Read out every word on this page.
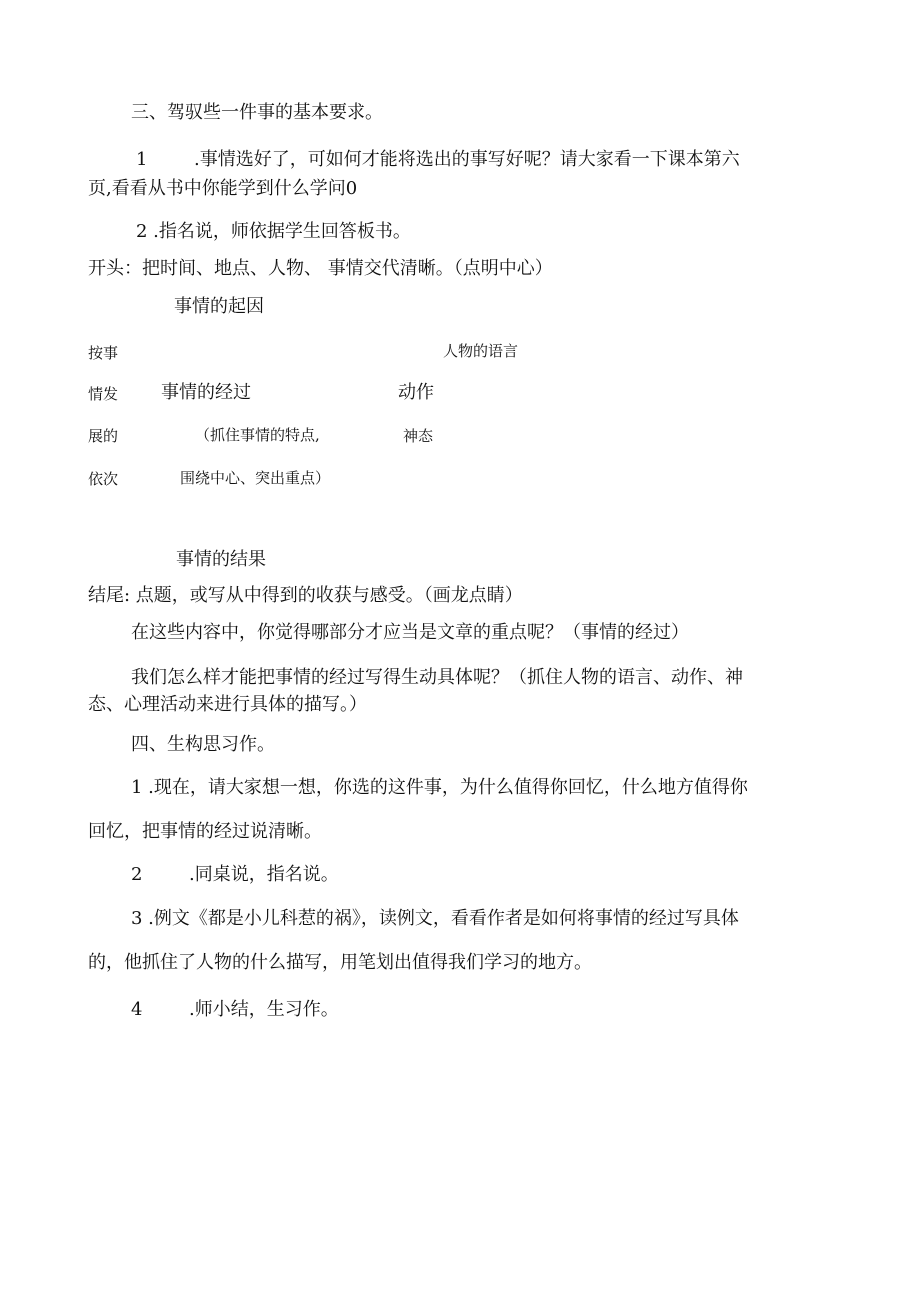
三、驾驭些一件事的基本要求。
1	.事情选好了，可如何才能将选出的事写好呢？请大家看一下课本第六
页,看看从书中你能学到什么学问0
2 .指名说，师依据学生回答板书。
开头：把时间、地点、人物、 事情交代清晰。（点明中心）
事情的起因
按事	人物的语言
情发 事情的经过	动作
展的	（抓住事情的特点,	神态
依次	围绕中心、突出重点）
事情的结果
结尾: 点题，或写从中得到的收获与感受。（画龙点睛）
在这些内容中，你觉得哪部分才应当是文章的重点呢？（事情的经过）
我们怎么样才能把事情的经过写得生动具体呢？（抓住人物的语言、动作、神
态、心理活动来进行具体的描写。）
四、生构思习作。
1 .现在，请大家想一想，你选的这件事，为什么值得你回忆，什么地方值得你
回忆，把事情的经过说清晰。
2	.同桌说，指名说。
3 .例文《都是小儿科惹的祸》，读例文，看看作者是如何将事情的经过写具体
的，他抓住了人物的什么描写，用笔划出值得我们学习的地方。
4	.师小结，生习作。
